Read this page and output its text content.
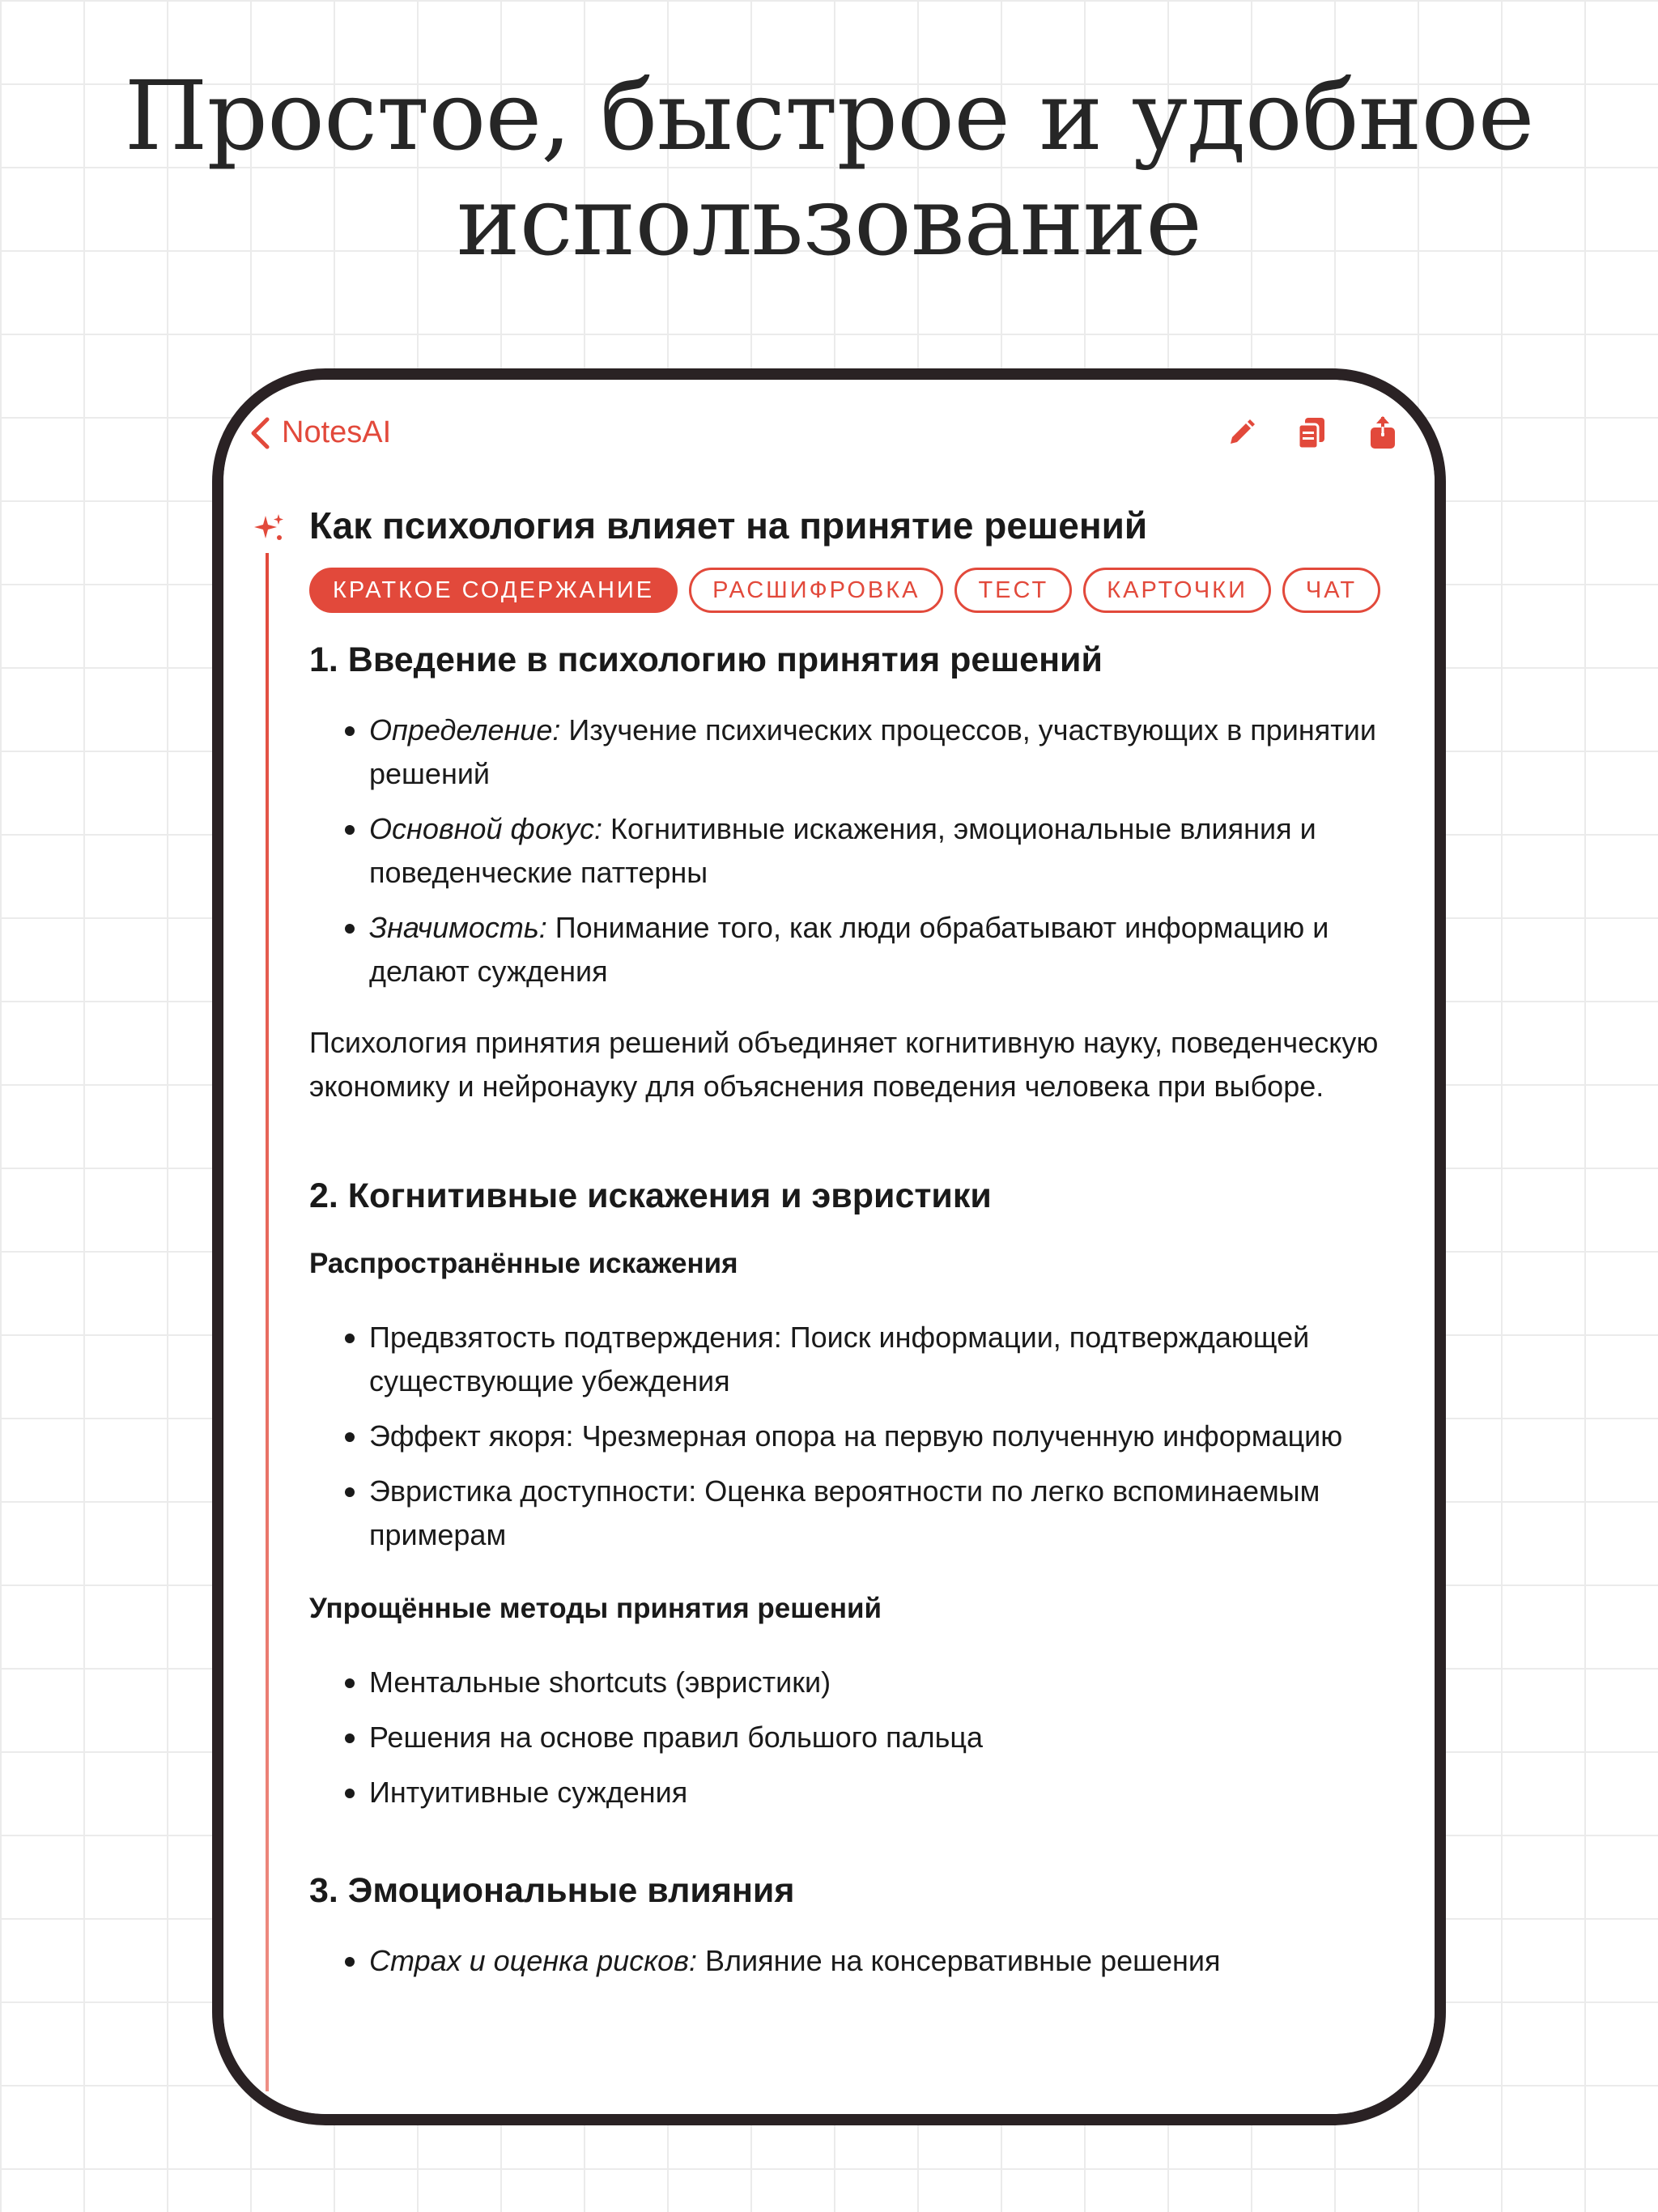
Простое, быстрое и удобное
использование
NotesAI
Как психология влияет на принятие решений
КРАТКОЕ СОДЕРЖАНИЕ	РАСШИФРОВКА	ТЕСТ	КАРТОЧКИ	ЧАТ
1. Введение в психологию принятия решений
Определение: Изучение психических процессов, участвующих в принятии решений
Основной фокус: Когнитивные искажения, эмоциональные влияния и поведенческие паттерны
Значимость: Понимание того, как люди обрабатывают информацию и делают суждения

Психология принятия решений объединяет когнитивную науку, поведенческую экономику и нейронауку для объяснения поведения человека при выборе.

2. Когнитивные искажения и эвристики
Распространённые искажения
Предвзятость подтверждения: Поиск информации, подтверждающей существующие убеждения
Эффект якоря: Чрезмерная опора на первую полученную информацию
Эвристика доступности: Оценка вероятности по легко вспоминаемым примерам
Упрощённые методы принятия решений
Ментальные shortcuts (эвристики)
Решения на основе правил большого пальца
Интуитивные суждения
3. Эмоциональные влияния
Страх и оценка рисков: Влияние на консервативные решения
